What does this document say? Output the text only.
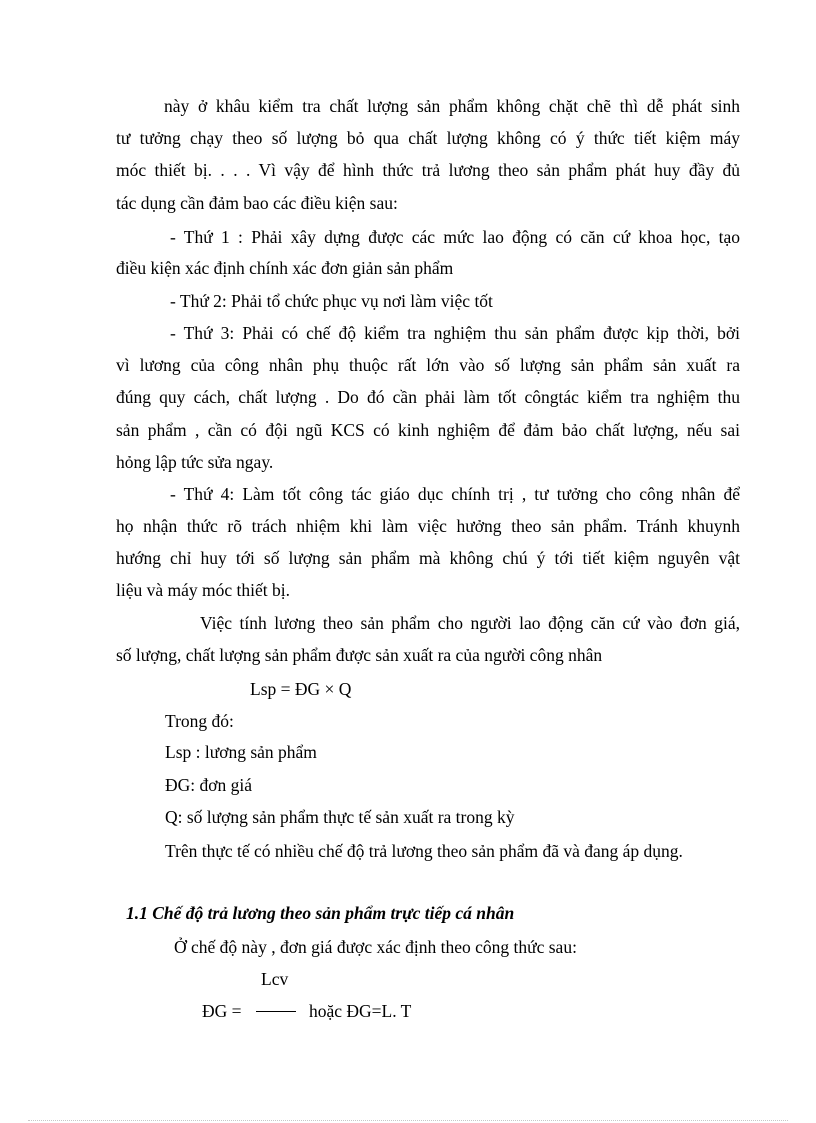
này ở khâu kiểm tra chất lượng sản phẩm không chặt chẽ thì dễ phát sinh
tư tưởng chạy theo số lượng bỏ qua chất lượng không có ý thức tiết kiệm máy
móc thiết bị. . . . Vì vậy để hình thức trả lương theo sản phẩm phát huy đầy đủ
tác dụng cần đảm bao các điều kiện sau:
- Thứ 1 : Phải xây dựng được các mức lao động có căn cứ khoa học, tạo
điều kiện xác định chính xác đơn giản sản phẩm
- Thứ 2: Phải tổ chức phục vụ nơi làm việc tốt
- Thứ 3: Phải có chế độ kiểm tra nghiệm thu sản phẩm được kịp thời, bởi
vì lương của công nhân phụ thuộc rất lớn vào số lượng sản phẩm sản xuất ra
đúng quy cách, chất lượng . Do đó cần phải làm tốt côngtác kiểm tra nghiệm thu
sản phẩm , cần có đội ngũ KCS có kinh nghiệm để đảm bảo chất lượng, nếu sai
hỏng lập tức sửa ngay.
- Thứ 4: Làm tốt công tác giáo dục chính trị , tư tưởng cho công nhân để
họ nhận thức rõ trách nhiệm khi làm việc hưởng theo sản phẩm. Tránh khuynh
hướng chỉ huy tới số lượng sản phẩm mà không chú ý tới tiết kiệm nguyên vật
liệu và máy móc thiết bị.
Việc tính lương theo sản phẩm cho người lao động căn cứ vào đơn giá,
số lượng, chất lượng sản phẩm được sản xuất ra của người công nhân
Lsp = ĐG × Q
Trong đó:
Lsp : lương sản phẩm
ĐG: đơn giá
Q: số lượng sản phẩm thực tế sản xuất ra trong kỳ
Trên thực tế có nhiều chế độ trả lương theo sản phẩm đã và đang áp dụng.
1.1 Chế độ trả lương theo sản phẩm trực tiếp cá nhân
Ở chế độ này , đơn giá được xác định theo công thức sau:
Lcv
ĐG =	hoặc ĐG=L. T
